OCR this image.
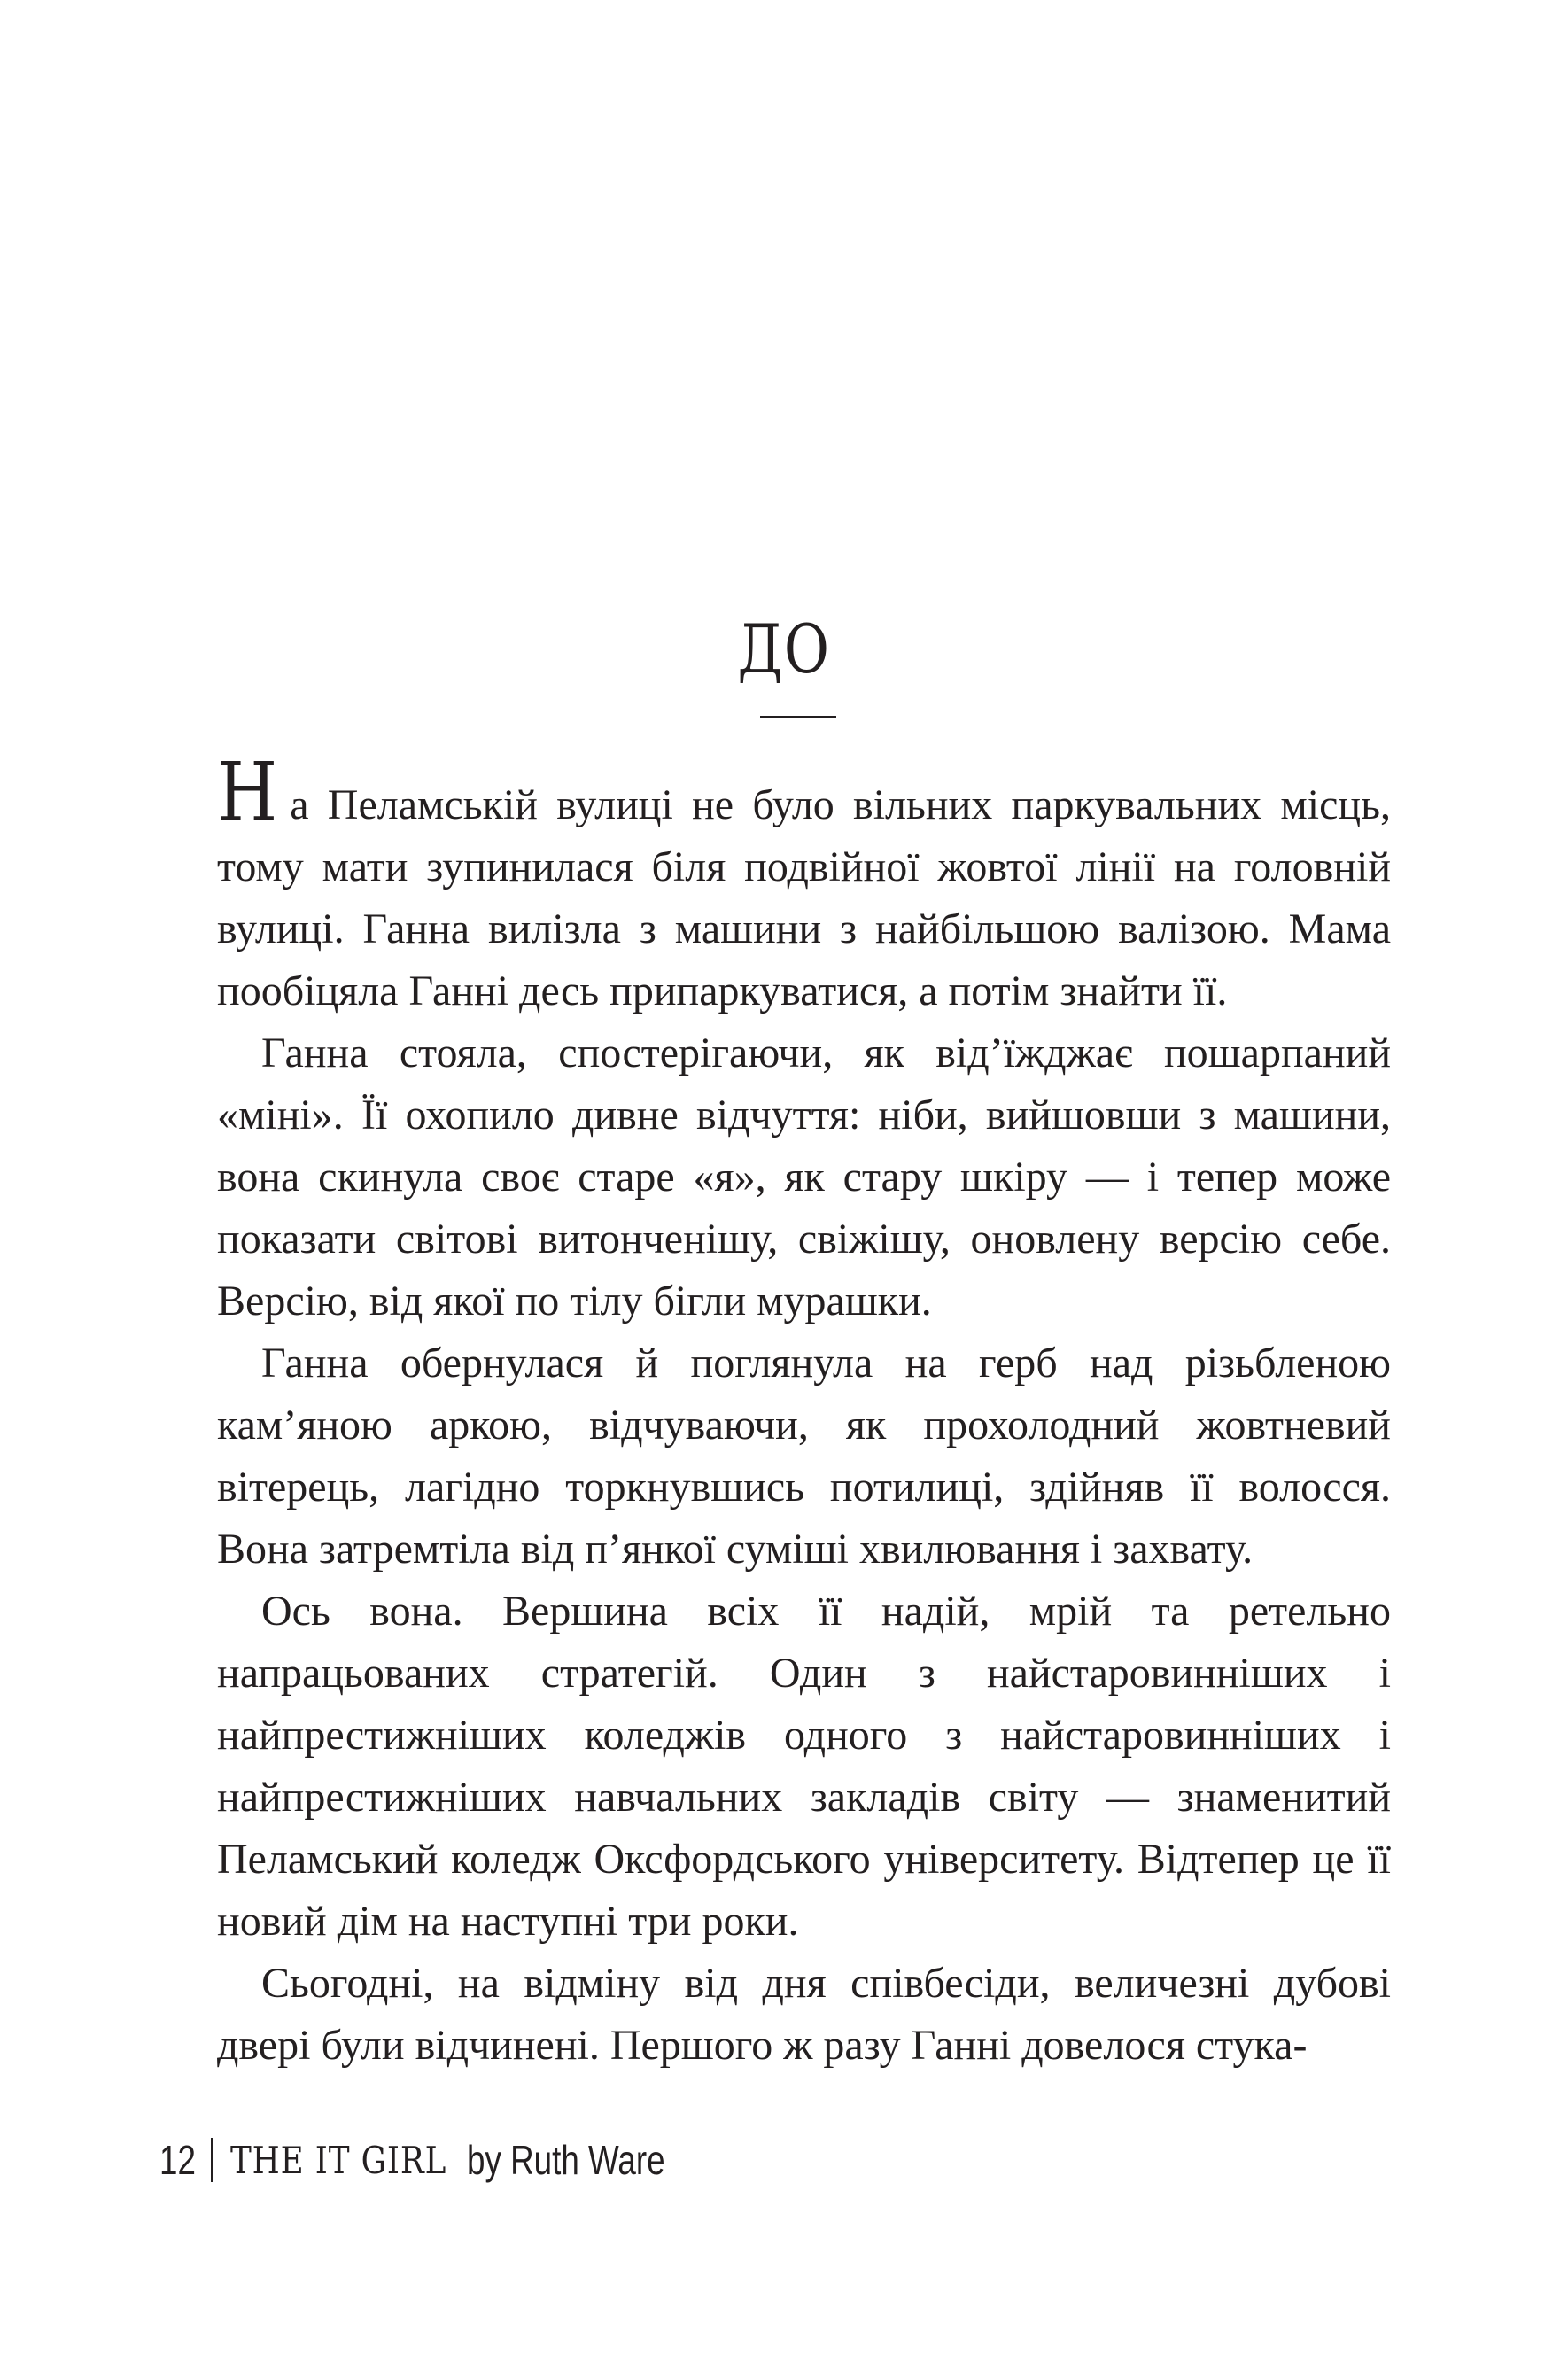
ДО

На Пеламській вулиці не було вільних паркувальних місць, тому мати зупинилася біля подвійної жовтої лінії на головній вулиці. Ганна вилізла з машини з найбільшою валізою. Мама пообіцяла Ганні десь припаркуватися, а потім знайти її.

Ганна стояла, спостерігаючи, як від’їжджає пошарпаний «міні». Її охопило дивне відчуття: ніби, вийшовши з машини, вона скинула своє старе «я», як стару шкіру — і тепер може показати світові витонченішу, свіжішу, оновлену версію себе. Версію, від якої по тілу бігли мурашки.

Ганна обернулася й поглянула на герб над різьбленою кам’яною аркою, відчуваючи, як прохолодний жовтневий вітерець, лагідно торкнувшись потилиці, здійняв її волосся. Вона затремтіла від п’янкої суміші хвилювання і захвату.

Ось вона. Вершина всіх її надій, мрій та ретельно напрацьованих стратегій. Один з найстаровинніших і найпрестижніших коледжів одного з найстаровинніших і найпрестижніших навчальних закладів світу — знаменитий Пеламський коледж Оксфордського університету. Відтепер це її новий дім на наступні три роки.

Сьогодні, на відміну від дня співбесіди, величезні дубові двері були відчинені. Першого ж разу Ганні довелося стука-

12 THE IT GIRL by Ruth Ware
